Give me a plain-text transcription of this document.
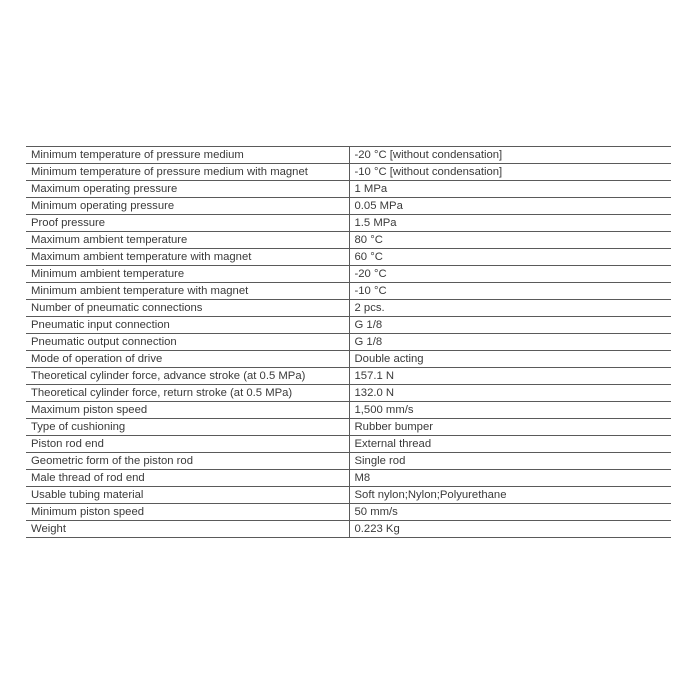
Minimum temperature of pressure medium	-20 °C [without condensation]
Minimum temperature of pressure medium with magnet	-10 °C [without condensation]
Maximum operating pressure	1 MPa
Minimum operating pressure	0.05 MPa
Proof pressure	1.5 MPa
Maximum ambient temperature	80 °C
Maximum ambient temperature with magnet	60 °C
Minimum ambient temperature	-20 °C
Minimum ambient temperature with magnet	-10 °C
Number of pneumatic connections	2 pcs.
Pneumatic input connection	G 1/8
Pneumatic output connection	G 1/8
Mode of operation of drive	Double acting
Theoretical cylinder force, advance stroke (at 0.5 MPa)	157.1 N
Theoretical cylinder force, return stroke (at 0.5 MPa)	132.0 N
Maximum piston speed	1,500 mm/s
Type of cushioning	Rubber bumper
Piston rod end	External thread
Geometric form of the piston rod	Single rod
Male thread of rod end	M8
Usable tubing material	Soft nylon;Nylon;Polyurethane
Minimum piston speed	50 mm/s
Weight	0.223 Kg
